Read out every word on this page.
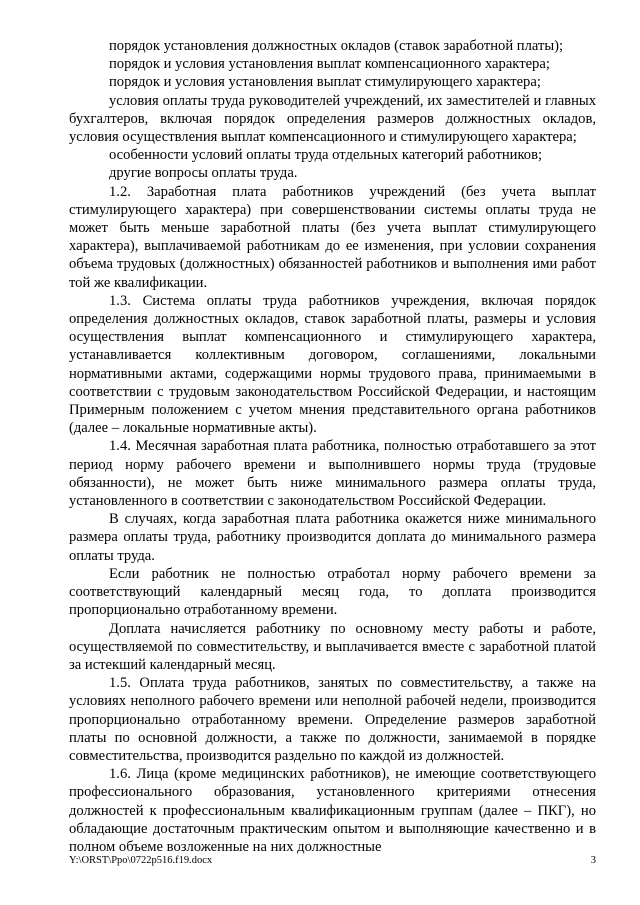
порядок установления должностных окладов (ставок заработной платы);

порядок и условия установления выплат компенсационного характера;

порядок и условия установления выплат стимулирующего характера;

условия оплаты труда руководителей учреждений, их заместителей и главных бухгалтеров, включая порядок определения размеров должностных окладов, условия осуществления выплат компенсационного и стимулирующего характера;

особенности условий оплаты труда отдельных категорий работников;

другие вопросы оплаты труда.

1.2. Заработная плата работников учреждений (без учета выплат стимулирующего характера) при совершенствовании системы оплаты труда не может быть меньше заработной платы (без учета выплат стимулирующего характера), выплачиваемой работникам до ее изменения, при условии сохранения объема трудовых (должностных) обязанностей работников и выполнения ими работ той же квалификации.

1.3. Система оплаты труда работников учреждения, включая порядок определения должностных окладов, ставок заработной платы, размеры и условия осуществления выплат компенсационного и стимулирующего характера, устанавливается коллективным договором, соглашениями, локальными нормативными актами, содержащими нормы трудового права, принимаемыми в соответствии с трудовым законодательством Российской Федерации, и настоящим Примерным положением с учетом мнения представительного органа работников (далее – локальные нормативные акты).

1.4. Месячная заработная плата работника, полностью отработавшего за этот период норму рабочего времени и выполнившего нормы труда (трудовые обязанности), не может быть ниже минимального размера оплаты труда, установленного в соответствии с законодательством Российской Федерации.

В случаях, когда заработная плата работника окажется ниже минимального размера оплаты труда, работнику производится доплата до минимального размера оплаты труда.

Если работник не полностью отработал норму рабочего времени за соответствующий календарный месяц года, то доплата производится пропорционально отработанному времени.

Доплата начисляется работнику по основному месту работы и работе, осуществляемой по совместительству, и выплачивается вместе с заработной платой за истекший календарный месяц.

1.5. Оплата труда работников, занятых по совместительству, а также на условиях неполного рабочего времени или неполной рабочей недели, производится пропорционально отработанному времени. Определение размеров заработной платы по основной должности, а также по должности, занимаемой в порядке совместительства, производится раздельно по каждой из должностей.

1.6. Лица (кроме медицинских работников), не имеющие соответствующего профессионального образования, установленного критериями отнесения должностей к профессиональным квалификационным группам (далее – ПКГ), но обладающие достаточным практическим опытом и выполняющие качественно и в полном объеме возложенные на них должностные

Y:\ORST\Ppo\0722p516.f19.docx	3
